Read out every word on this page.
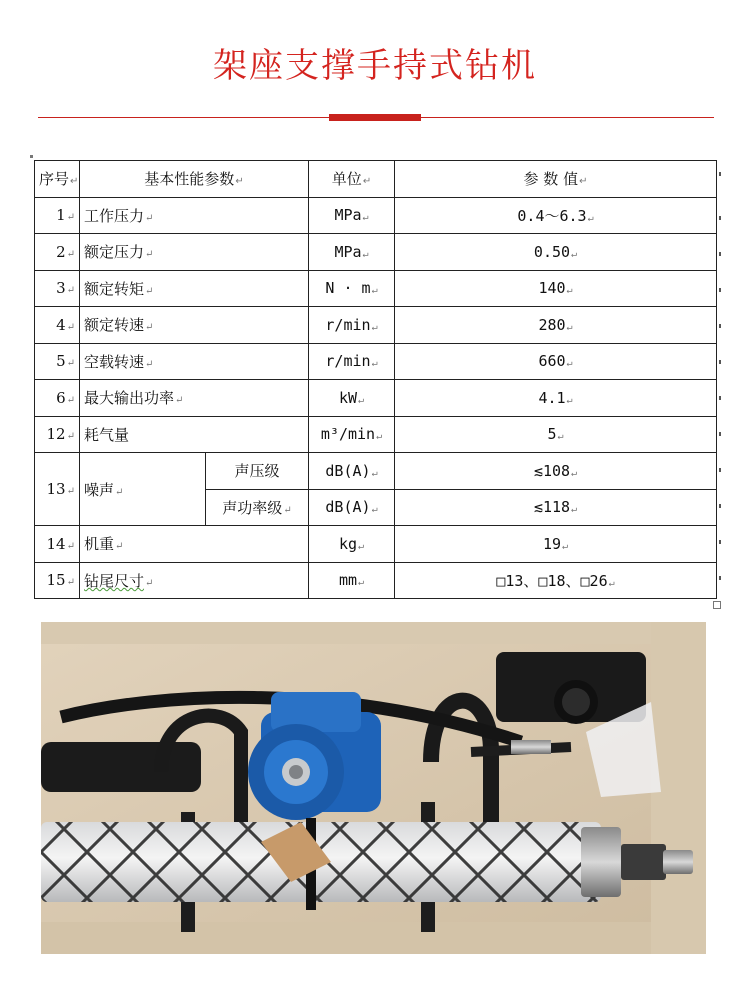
架座支撑手持式钻机
序号↵	基本性能参数↵		单位↵	参 数 值↵
1↵	工作压力↵		MPa↵	0.4～6.3↵
2↵	额定压力↵		MPa↵	0.50↵
3↵	额定转矩↵		N · m↵	140↵
4↵	额定转速↵		r/min↵	280↵
5↵	空载转速↵		r/min↵	660↵
6↵	最大输出功率↵		kW↵	4.1↵
12↵	耗气量		m³/min↵	5↵
13↵	噪声↵	声压级	dB(A)↵	≲108↵
		声功率级↵	dB(A)↵	≲118↵
14↵	机重↵		kg↵	19↵
15↵	钻尾尺寸↵		mm↵	□13、□18、□26↵
